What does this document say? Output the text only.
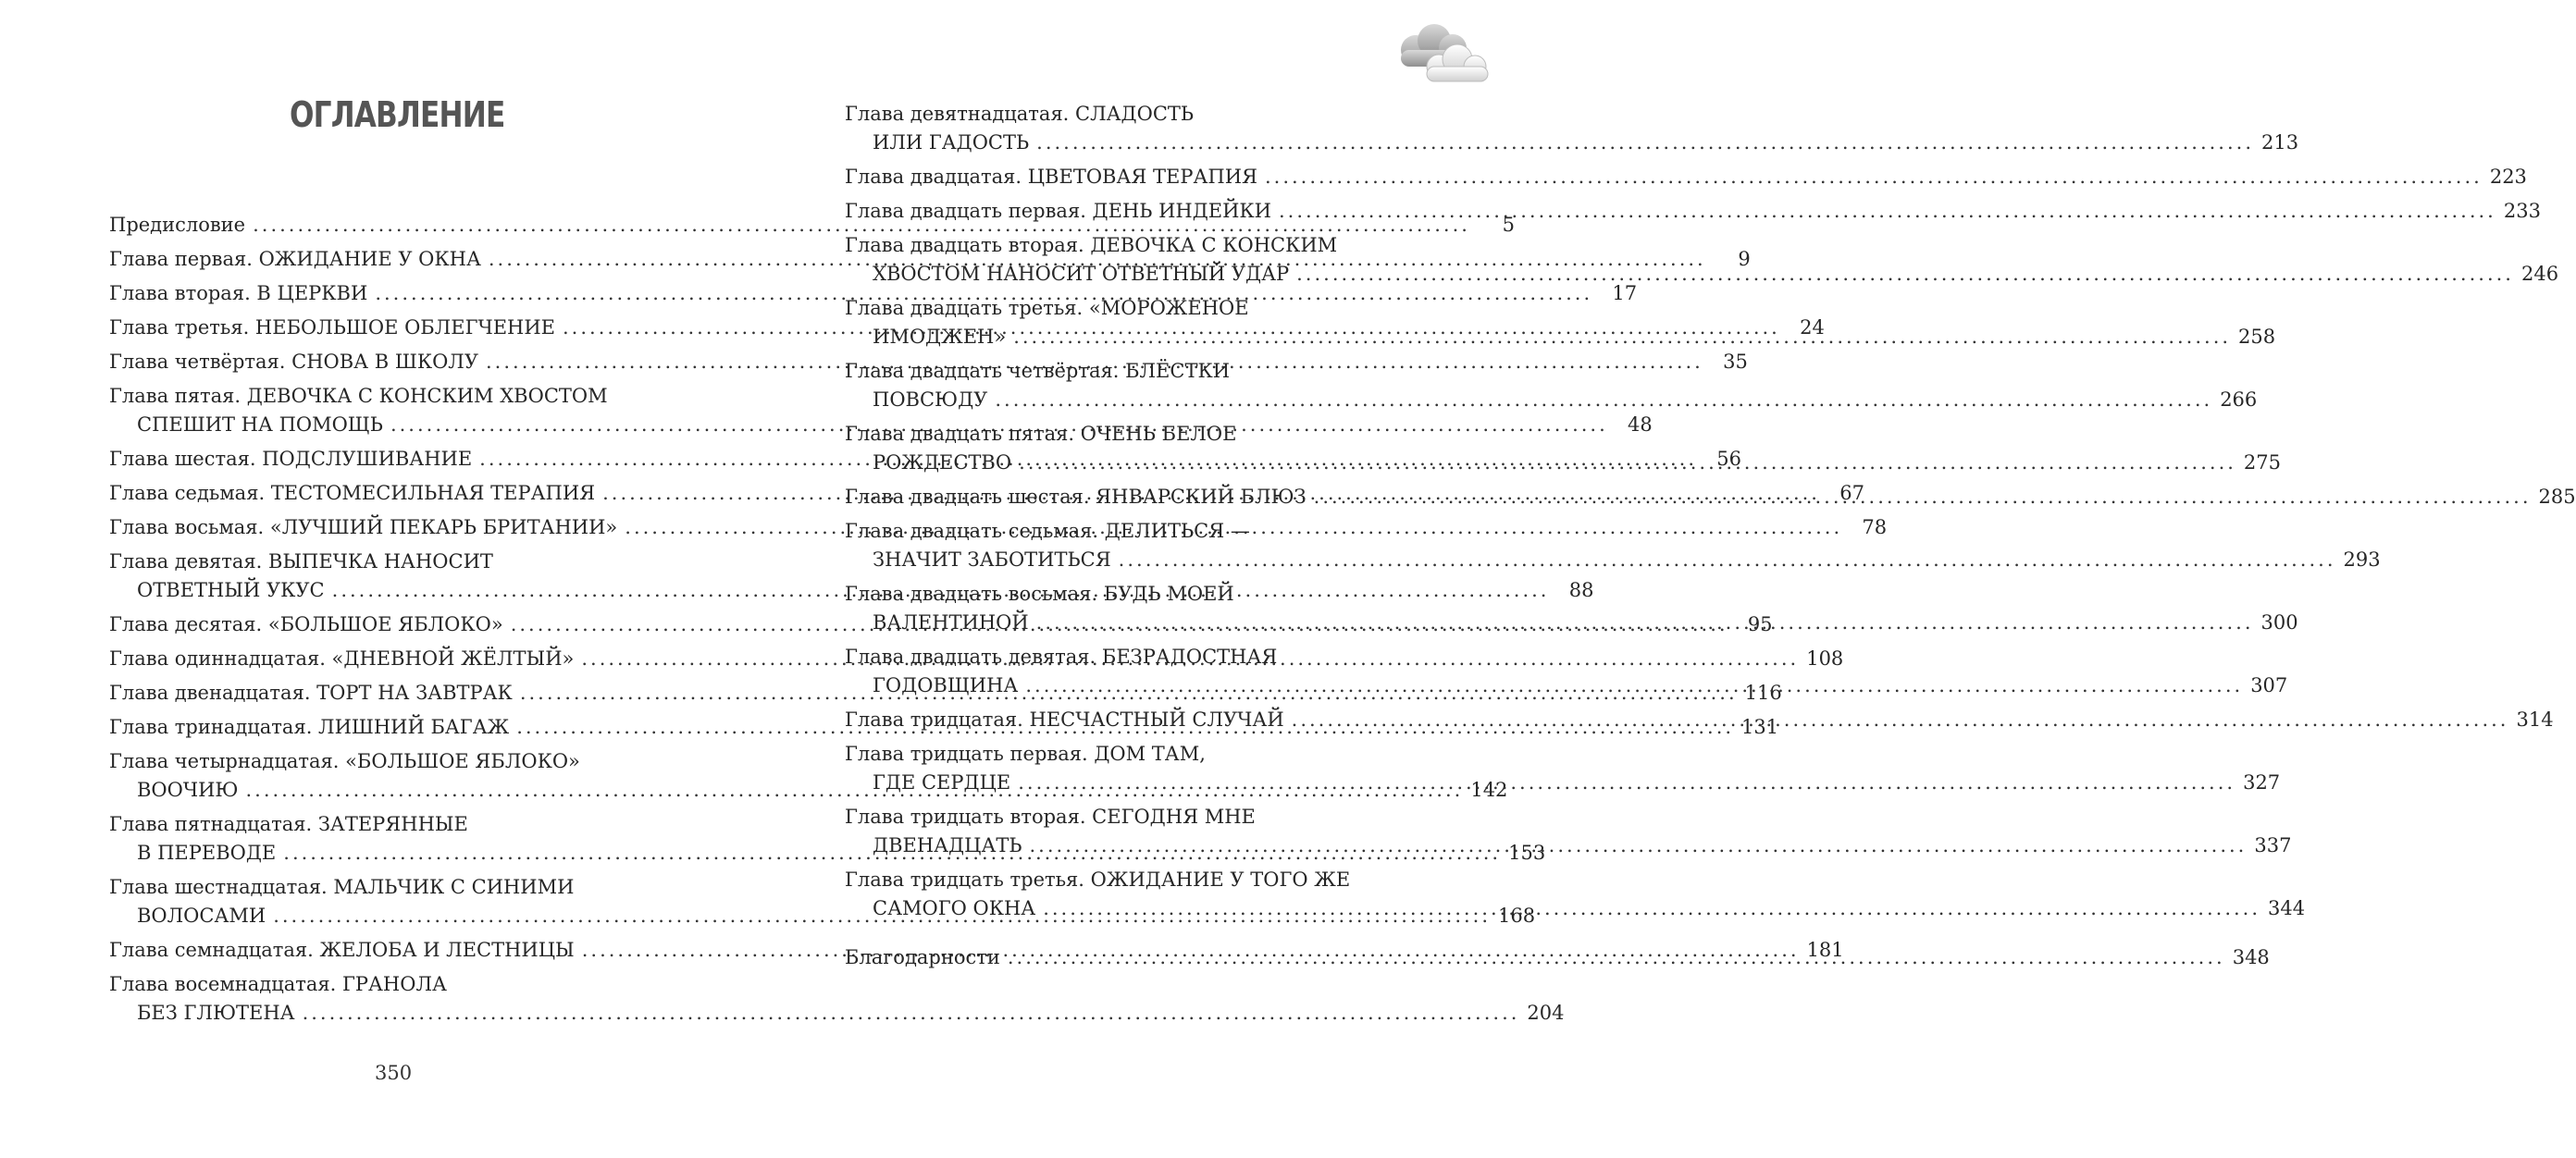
ОГЛАВЛЕНИЕ
Предисловие .....	5
Глава первая. ОЖИДАНИЕ У ОКНА .....	9
Глава вторая. В ЦЕРКВИ .....	17
Глава третья. НЕБОЛЬШОЕ ОБЛЕГЧЕНИЕ .....	24
Глава четвёртая. СНОВА В ШКОЛУ .....	35
Глава пятая. ДЕВОЧКА С КОНСКИМ ХВОСТОМ
СПЕШИТ НА ПОМОЩЬ .....	48
Глава шестая. ПОДСЛУШИВАНИЕ .....	56
Глава седьмая. ТЕСТОМЕСИЛЬНАЯ ТЕРАПИЯ .....	67
Глава восьмая. «ЛУЧШИЙ ПЕКАРЬ БРИТАНИИ» .....	78
Глава девятая. ВЫПЕЧКА НАНОСИТ
ОТВЕТНЫЙ УКУС .....	88
Глава десятая. «БОЛЬШОЕ ЯБЛОКО» .....	95
Глава одиннадцатая. «ДНЕВНОЙ ЖЁЛТЫЙ» .....	108
Глава двенадцатая. ТОРТ НА ЗАВТРАК .....	116
Глава тринадцатая. ЛИШНИЙ БАГАЖ .....	131
Глава четырнадцатая. «БОЛЬШОЕ ЯБЛОКО»
ВООЧИЮ .....	142
Глава пятнадцатая. ЗАТЕРЯННЫЕ
В ПЕРЕВОДЕ .....	153
Глава шестнадцатая. МАЛЬЧИК С СИНИМИ
ВОЛОСАМИ .....	168
Глава семнадцатая. ЖЕЛОБА И ЛЕСТНИЦЫ .....	181
Глава восемнадцатая. ГРАНОЛА
БЕЗ ГЛЮТЕНА .....	204
350
Глава девятнадцатая. СЛАДОСТЬ
ИЛИ ГАДОСТЬ .....	213
Глава двадцатая. ЦВЕТОВАЯ ТЕРАПИЯ .....	223
Глава двадцать первая. ДЕНЬ ИНДЕЙКИ .....	233
Глава двадцать вторая. ДЕВОЧКА С КОНСКИМ
ХВОСТОМ НАНОСИТ ОТВЕТНЫЙ УДАР .....	246
Глава двадцать третья. «МОРОЖЕНОЕ
ИМОДЖЕН» .....	258
Глава двадцать четвёртая. БЛЁСТКИ
ПОВСЮДУ .....	266
Глава двадцать пятая. ОЧЕНЬ БЕЛОЕ
РОЖДЕСТВО .....	275
Глава двадцать шестая. ЯНВАРСКИЙ БЛЮЗ .....	285
Глава двадцать седьмая. ДЕЛИТЬСЯ —
ЗНАЧИТ ЗАБОТИТЬСЯ .....	293
Глава двадцать восьмая. БУДЬ МОЕЙ
ВАЛЕНТИНОЙ .....	300
Глава двадцать девятая. БЕЗРАДОСТНАЯ
ГОДОВЩИНА .....	307
Глава тридцатая. НЕСЧАСТНЫЙ СЛУЧАЙ .....	314
Глава тридцать первая. ДОМ ТАМ,
ГДЕ СЕРДЦЕ .....	327
Глава тридцать вторая. СЕГОДНЯ МНЕ
ДВЕНАДЦАТЬ .....	337
Глава тридцать третья. ОЖИДАНИЕ У ТОГО ЖЕ
САМОГО ОКНА .....	344
Благодарности .....	348
